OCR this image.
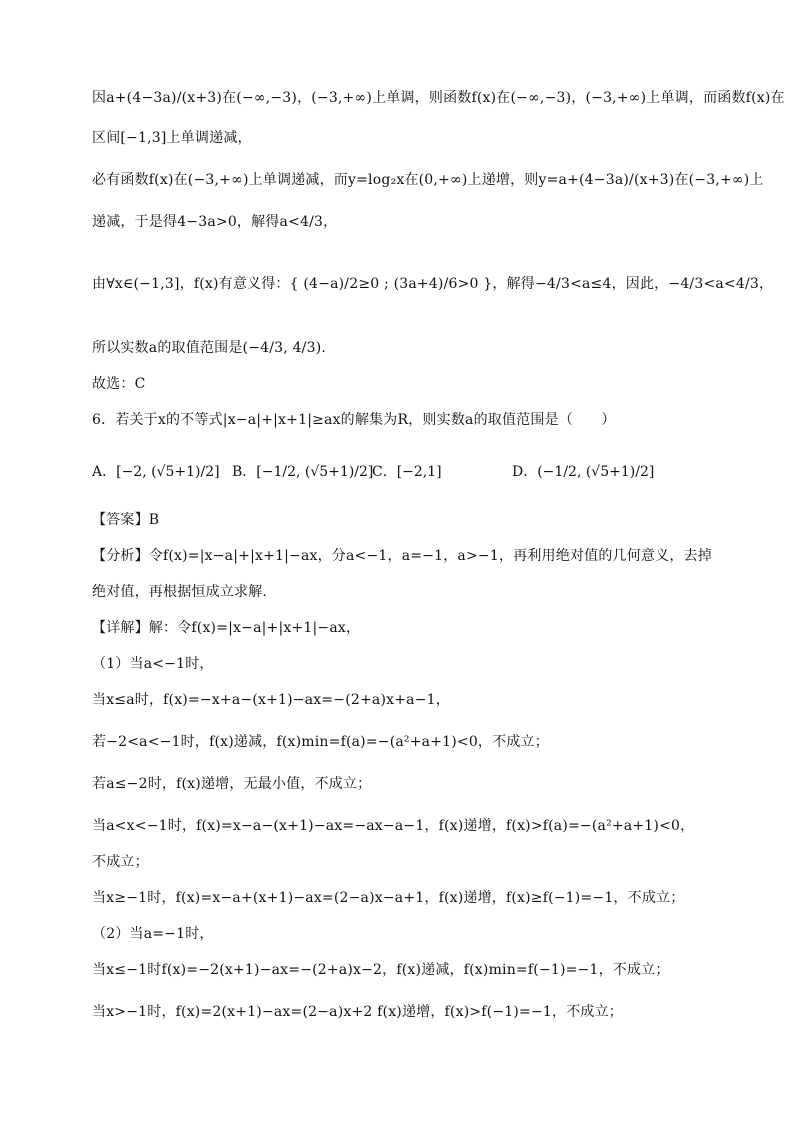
因a+(4−3a)/(x+3)在(−∞,−3)，(−3,+∞)上单调，则函数f(x)在(−∞,−3)，(−3,+∞)上单调，而函数f(x)在
区间[−1,3]上单调递减，
必有函数f(x)在(−3,+∞)上单调递减，而y=log₂x在(0,+∞)上递增，则y=a+(4−3a)/(x+3)在(−3,+∞)上
递减，于是得4−3a>0，解得a<4/3，
由∀x∈(−1,3]，f(x)有意义得：{ (4−a)/2≥0 ; (3a+4)/6>0 }，解得−4/3<a≤4，因此，−4/3<a<4/3，
所以实数a的取值范围是(−4/3, 4/3).
故选：C
6．若关于x的不等式|x−a|+|x+1|≥ax的解集为R，则实数a的取值范围是（　　）
A．[−2, (√5+1)/2] B．[−1/2, (√5+1)/2]
C．[−2,1]	D．(−1/2, (√5+1)/2]
【答案】B
【分析】令f(x)=|x−a|+|x+1|−ax，分a<−1，a=−1，a>−1，再利用绝对值的几何意义，去掉
绝对值，再根据恒成立求解.
【详解】解：令f(x)=|x−a|+|x+1|−ax，
（1）当a<−1时，
当x≤a时，f(x)=−x+a−(x+1)−ax=−(2+a)x+a−1，
若−2<a<−1时，f(x)递减，f(x)min=f(a)=−(a²+a+1)<0，不成立；
若a≤−2时，f(x)递增，无最小值，不成立；
当a<x<−1时，f(x)=x−a−(x+1)−ax=−ax−a−1，f(x)递增，f(x)>f(a)=−(a²+a+1)<0，
不成立；
当x≥−1时，f(x)=x−a+(x+1)−ax=(2−a)x−a+1，f(x)递增，f(x)≥f(−1)=−1，不成立；
（2）当a=−1时，
当x≤−1时f(x)=−2(x+1)−ax=−(2+a)x−2，f(x)递减，f(x)min=f(−1)=−1，不成立；
当x>−1时，f(x)=2(x+1)−ax=(2−a)x+2 f(x)递增，f(x)>f(−1)=−1，不成立；
